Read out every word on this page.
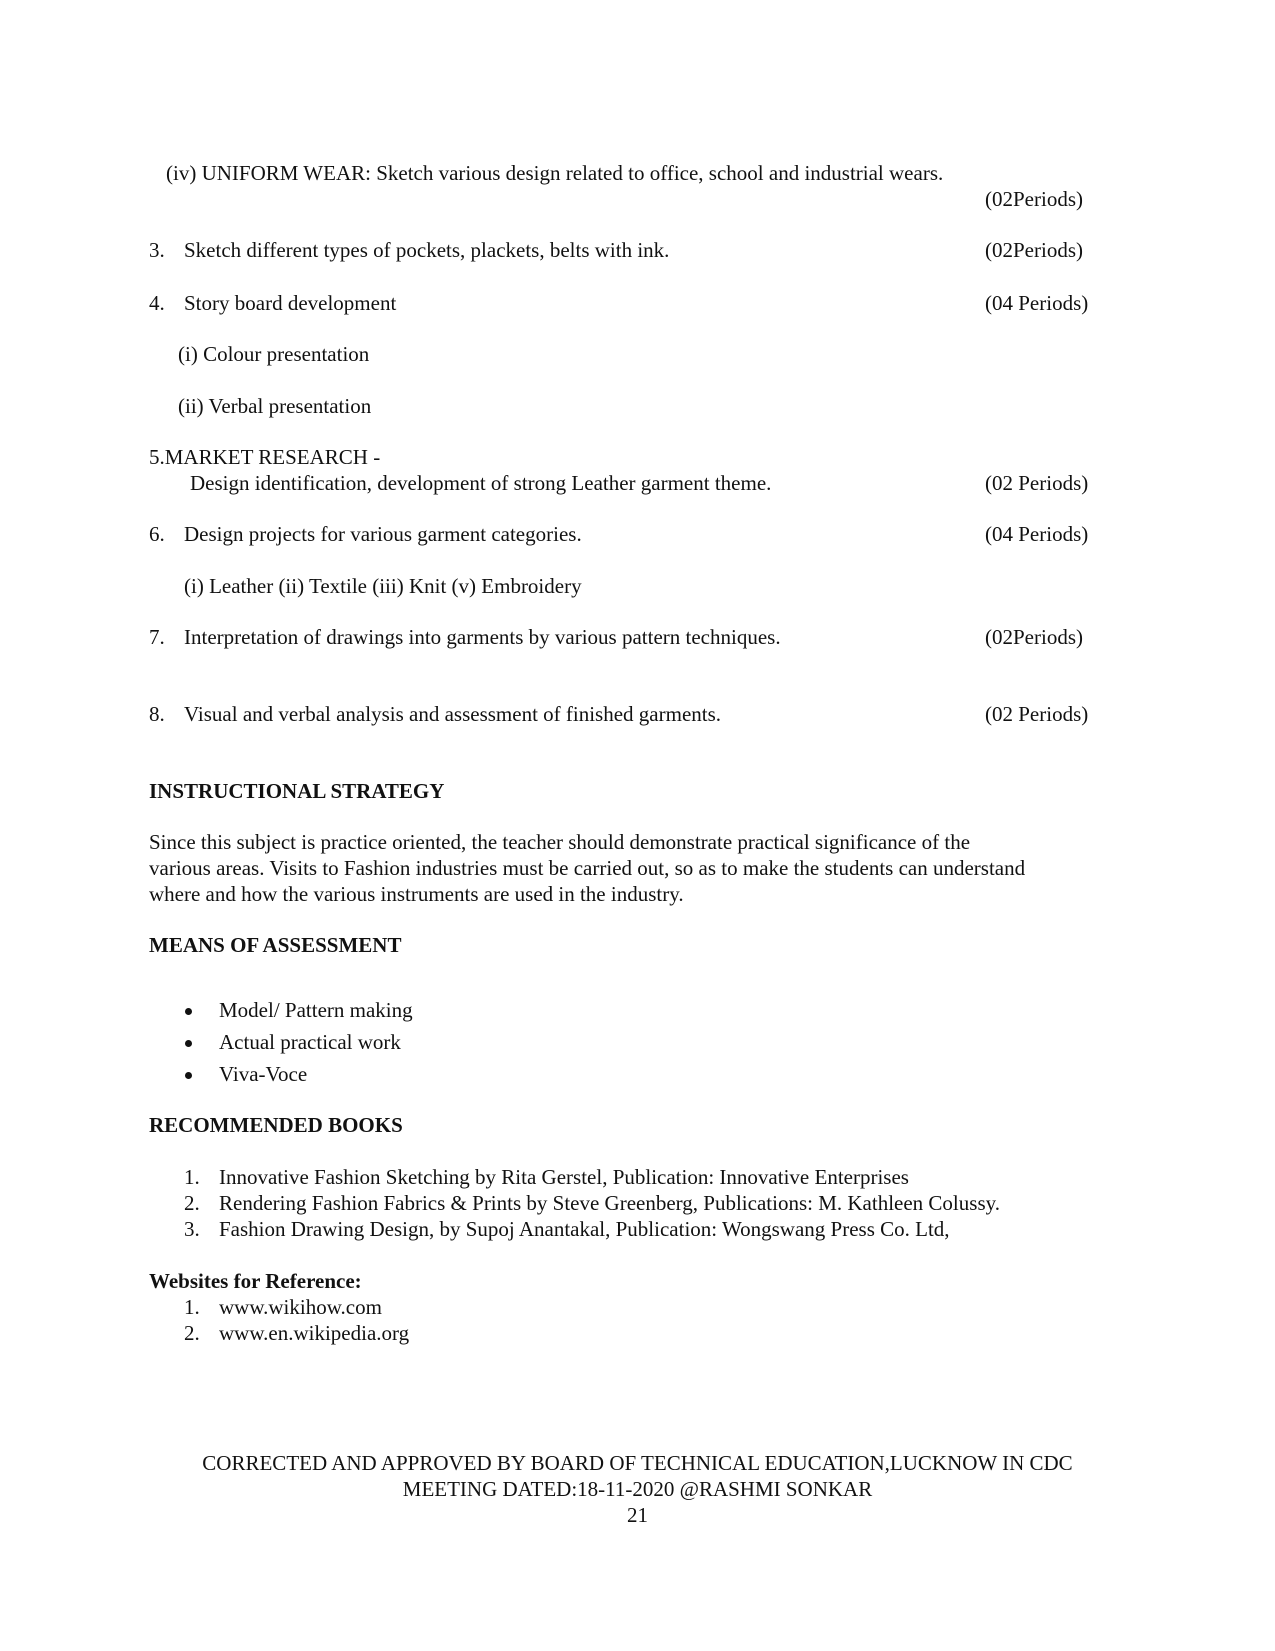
(iv) UNIFORM WEAR: Sketch various design related to office, school and industrial wears.
(02Periods)
3. Sketch different types of pockets, plackets, belts with ink.	(02Periods)
4. Story board development	(04 Periods)
(i) Colour presentation
(ii) Verbal presentation
5.MARKET RESEARCH -
Design identification, development of strong Leather garment theme.	(02 Periods)
6. Design projects for various garment categories.	(04 Periods)
(i) Leather (ii) Textile (iii) Knit (v) Embroidery
7. Interpretation of drawings into garments by various pattern techniques.	(02Periods)
8. Visual and verbal analysis and assessment of finished garments.	(02 Periods)
INSTRUCTIONAL STRATEGY
Since this subject is practice oriented, the teacher should demonstrate practical significance of the
various areas. Visits to Fashion industries must be carried out, so as to make the students can understand
where and how the various instruments are used in the industry.
MEANS OF ASSESSMENT
Model/ Pattern making
Actual practical work
Viva-Voce
RECOMMENDED BOOKS
1. Innovative Fashion Sketching by Rita Gerstel, Publication: Innovative Enterprises
2. Rendering Fashion Fabrics & Prints by Steve Greenberg, Publications: M. Kathleen Colussy.
3. Fashion Drawing Design, by Supoj Anantakal, Publication: Wongswang Press Co. Ltd,
Websites for Reference:
1. www.wikihow.com
2. www.en.wikipedia.org
CORRECTED AND APPROVED BY BOARD OF TECHNICAL EDUCATION,LUCKNOW IN CDC
MEETING DATED:18-11-2020 @RASHMI SONKAR
21
